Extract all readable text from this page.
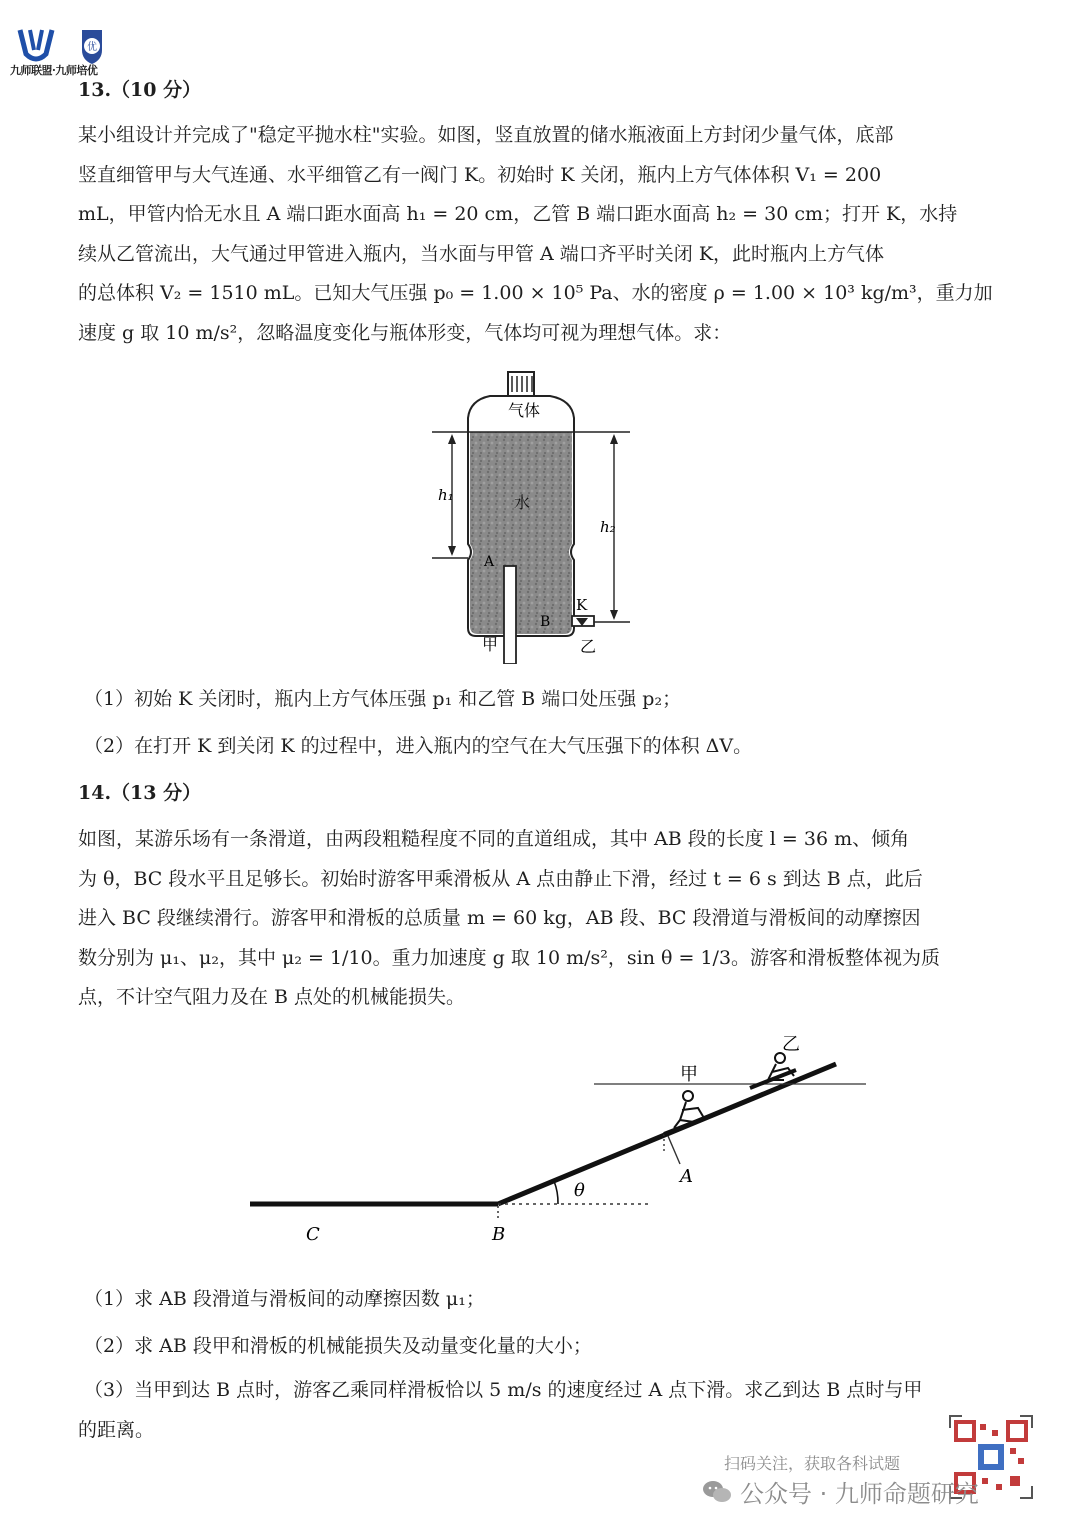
优
九师联盟·九师培优
13.（10 分）

某小组设计并完成了"稳定平抛水柱"实验。如图，竖直放置的储水瓶液面上方封闭少量气体，底部

竖直细管甲与大气连通、水平细管乙有一阀门 K。初始时 K 关闭，瓶内上方气体体积 V₁ = 200

mL，甲管内恰无水且 A 端口距水面高 h₁ = 20 cm，乙管 B 端口距水面高 h₂ = 30 cm；打开 K，水持

续从乙管流出，大气通过甲管进入瓶内，当水面与甲管 A 端口齐平时关闭 K，此时瓶内上方气体

的总体积 V₂ = 1510 mL。已知大气压强 p₀ = 1.00 × 10⁵ Pa、水的密度 ρ = 1.00 × 10³ kg/m³，重力加

速度 g 取 10 m/s²，忽略温度变化与瓶体形变，气体均可视为理想气体。求：

气体
水
h₁
h₂
A
B
K
甲	乙

（1）初始 K 关闭时，瓶内上方气体压强 p₁ 和乙管 B 端口处压强 p₂；

（2）在打开 K 到关闭 K 的过程中，进入瓶内的空气在大气压强下的体积 ΔV。

14.（13 分）

如图，某游乐场有一条滑道，由两段粗糙程度不同的直道组成，其中 AB 段的长度 l = 36 m、倾角

为 θ，BC 段水平且足够长。初始时游客甲乘滑板从 A 点由静止下滑，经过 t = 6 s 到达 B 点，此后

进入 BC 段继续滑行。游客甲和滑板的总质量 m = 60 kg，AB 段、BC 段滑道与滑板间的动摩擦因

数分别为 μ₁、μ₂，其中 μ₂ = 1/10。重力加速度 g 取 10 m/s²，sin θ = 1/3。游客和滑板整体视为质

点，不计空气阻力及在 B 点处的机械能损失。

C	B
A
θ
甲
乙

（1）求 AB 段滑道与滑板间的动摩擦因数 μ₁；

（2）求 AB 段甲和滑板的机械能损失及动量变化量的大小；

（3）当甲到达 B 点时，游客乙乘同样滑板恰以 5 m/s 的速度经过 A 点下滑。求乙到达 B 点时与甲

的距离。

扫码关注，获取各科试题
公众号 · 九师命题研究
